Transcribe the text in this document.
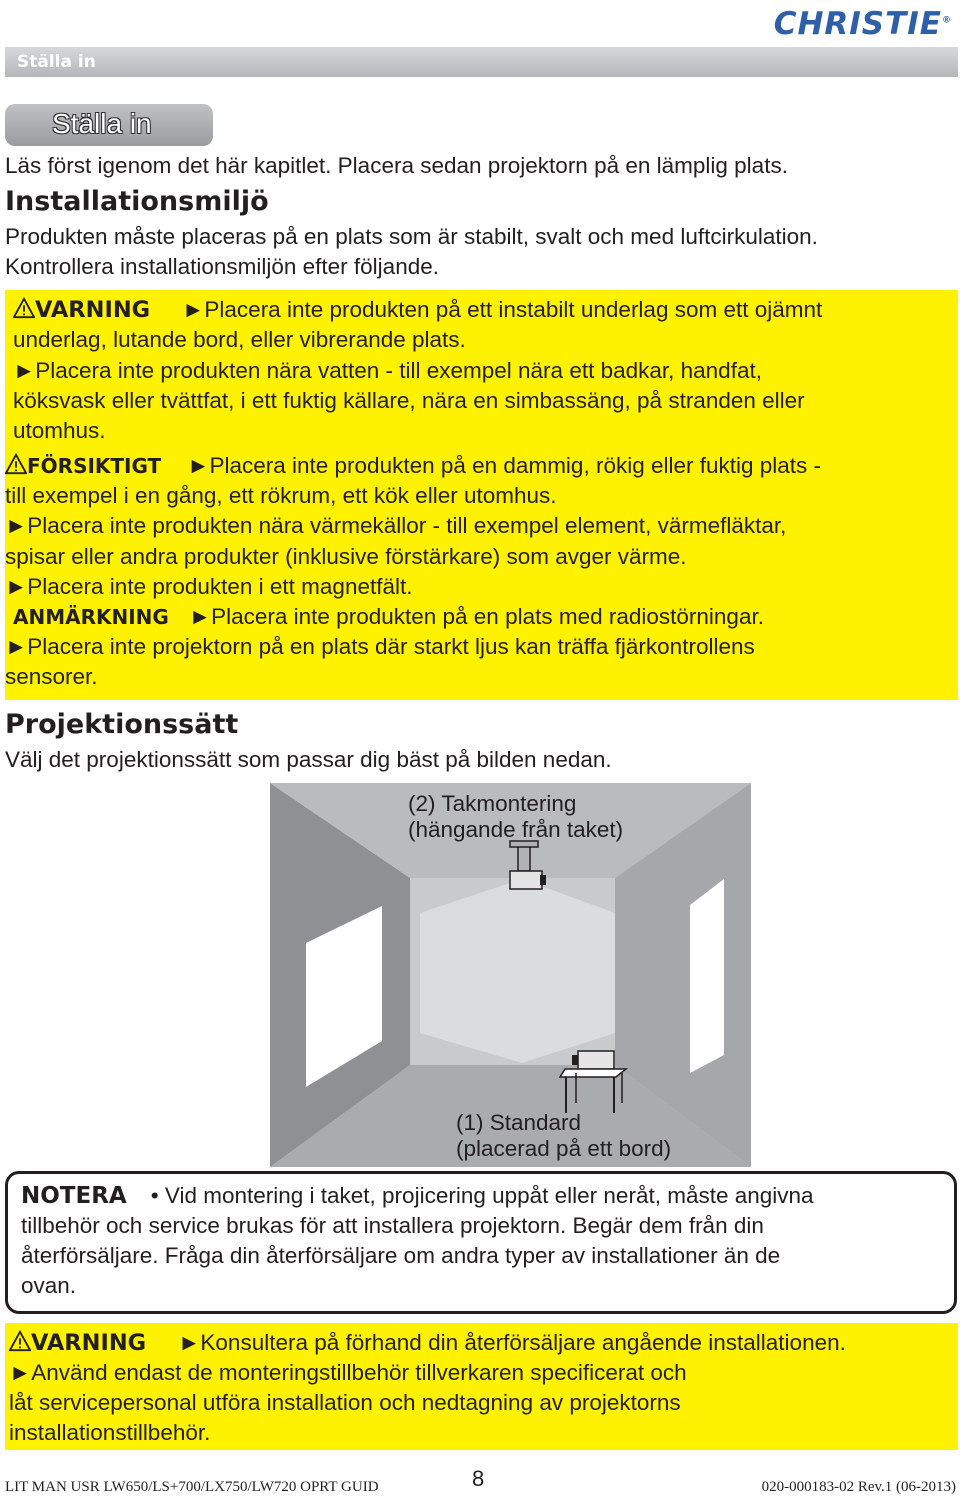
CHRISTIE®
Ställa in
Ställa in
Läs först igenom det här kapitlet. Placera sedan projektorn på en lämplig plats.
Installationsmiljö
Produkten måste placeras på en plats som är stabilt, svalt och med luftcirkulation.
Kontrollera installationsmiljön efter följande.
VARNING ►Placera inte produkten på ett instabilt underlag som ett ojämnt
underlag, lutande bord, eller vibrerande plats.
►Placera inte produkten nära vatten - till exempel nära ett badkar, handfat,
köksvask eller tvättfat, i ett fuktig källare, nära en simbassäng, på stranden eller
utomhus.
FÖRSIKTIGT ►Placera inte produkten på en dammig, rökig eller fuktig plats -
till exempel i en gång, ett rökrum, ett kök eller utomhus.
►Placera inte produkten nära värmekällor - till exempel element, värmefläktar,
spisar eller andra produkter (inklusive förstärkare) som avger värme.
►Placera inte produkten i ett magnetfält.
ANMÄRKNING ►Placera inte produkten på en plats med radiostörningar.
►Placera inte projektorn på en plats där starkt ljus kan träffa fjärkontrollens
sensorer.
Projektionssätt
Välj det projektionssätt som passar dig bäst på bilden nedan.
(2) Takmontering
(hängande från taket)
(1) Standard
(placerad på ett bord)
NOTERA • Vid montering i taket, projicering uppåt eller neråt, måste angivna
tillbehör och service brukas för att installera projektorn. Begär dem från din
återförsäljare. Fråga din återförsäljare om andra typer av installationer än de
ovan.
VARNING ►Konsultera på förhand din återförsäljare angående installationen.
►Använd endast de monteringstillbehör tillverkaren specificerat och
låt servicepersonal utföra installation och nedtagning av projektorns
installationstillbehör.
LIT MAN USR LW650/LS+700/LX750/LW720 OPRT GUID	8	020-000183-02 Rev.1 (06-2013)
